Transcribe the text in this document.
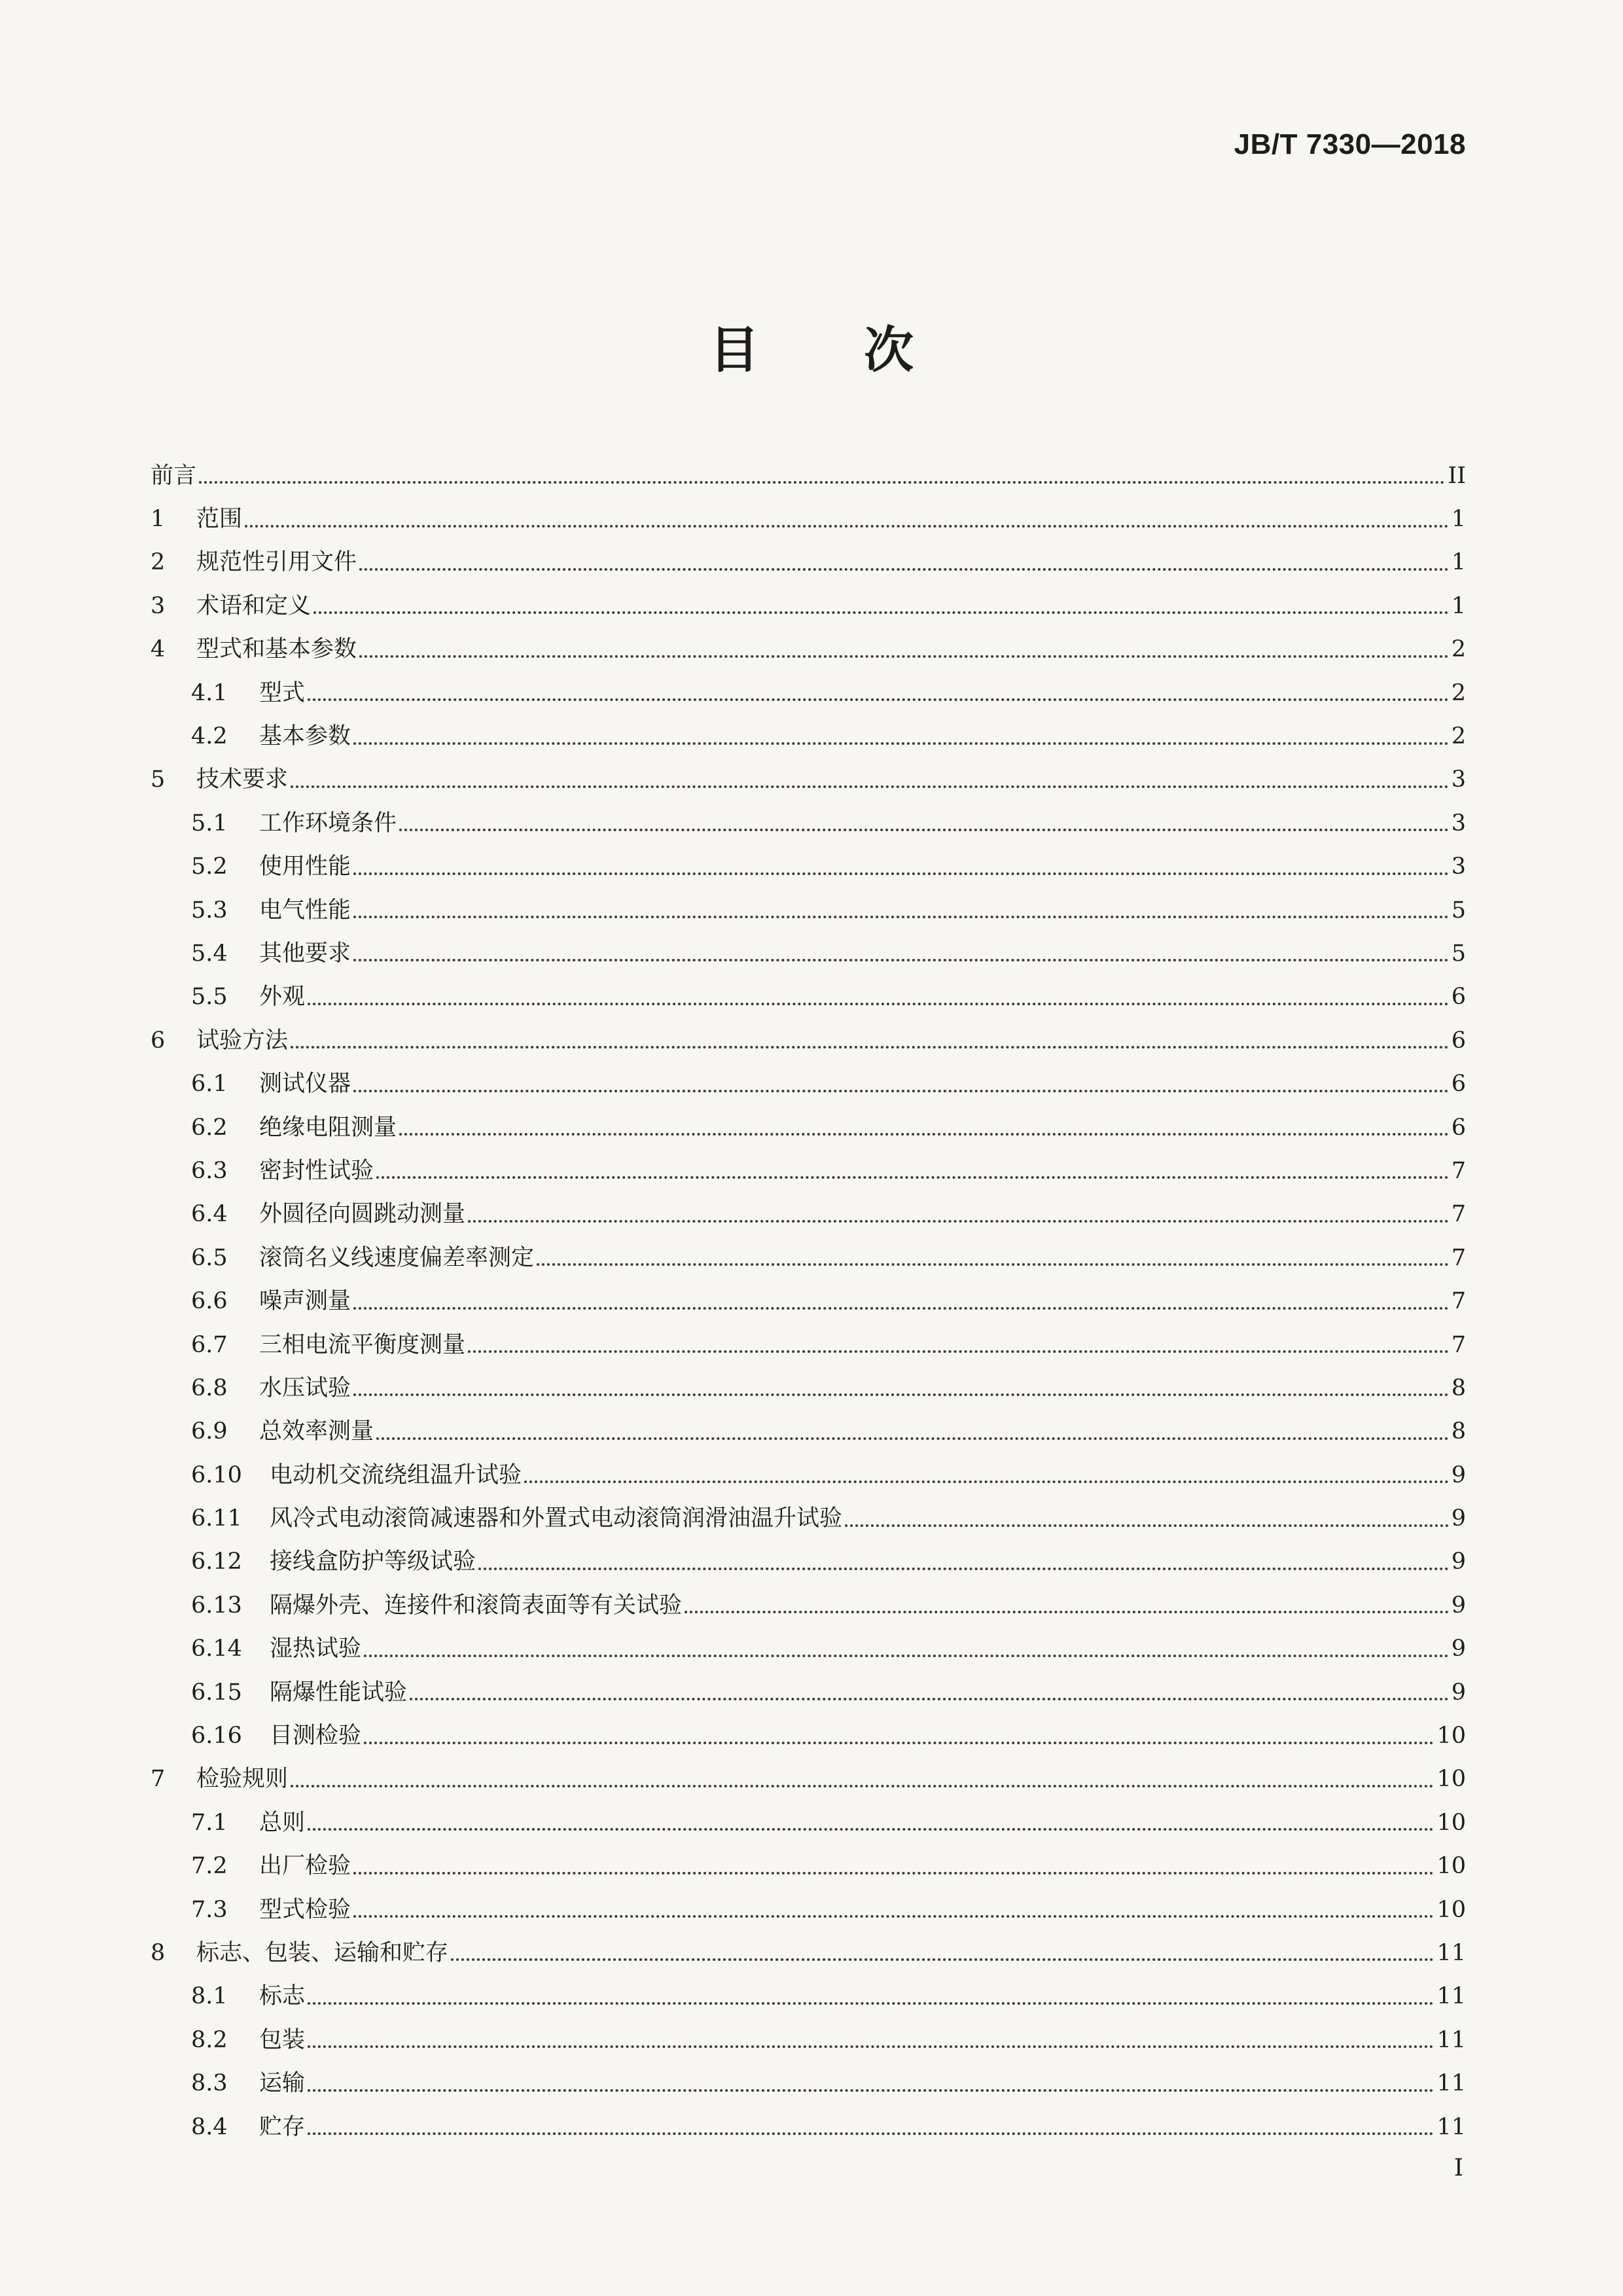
JB/T 7330—2018
目次
前言	II
1	范围	1
2	规范性引用文件	1
3	术语和定义	1
4	型式和基本参数	2
4.1	型式	2
4.2	基本参数	2
5	技术要求	3
5.1	工作环境条件	3
5.2	使用性能	3
5.3	电气性能	5
5.4	其他要求	5
5.5	外观	6
6	试验方法	6
6.1	测试仪器	6
6.2	绝缘电阻测量	6
6.3	密封性试验	7
6.4	外圆径向圆跳动测量	7
6.5	滚筒名义线速度偏差率测定	7
6.6	噪声测量	7
6.7	三相电流平衡度测量	7
6.8	水压试验	8
6.9	总效率测量	8
6.10	电动机交流绕组温升试验	9
6.11	风冷式电动滚筒减速器和外置式电动滚筒润滑油温升试验	9
6.12	接线盒防护等级试验	9
6.13	隔爆外壳、连接件和滚筒表面等有关试验	9
6.14	湿热试验	9
6.15	隔爆性能试验	9
6.16	目测检验	10
7	检验规则	10
7.1	总则	10
7.2	出厂检验	10
7.3	型式检验	10
8	标志、包装、运输和贮存	11
8.1	标志	11
8.2	包装	11
8.3	运输	11
8.4	贮存	11
I
